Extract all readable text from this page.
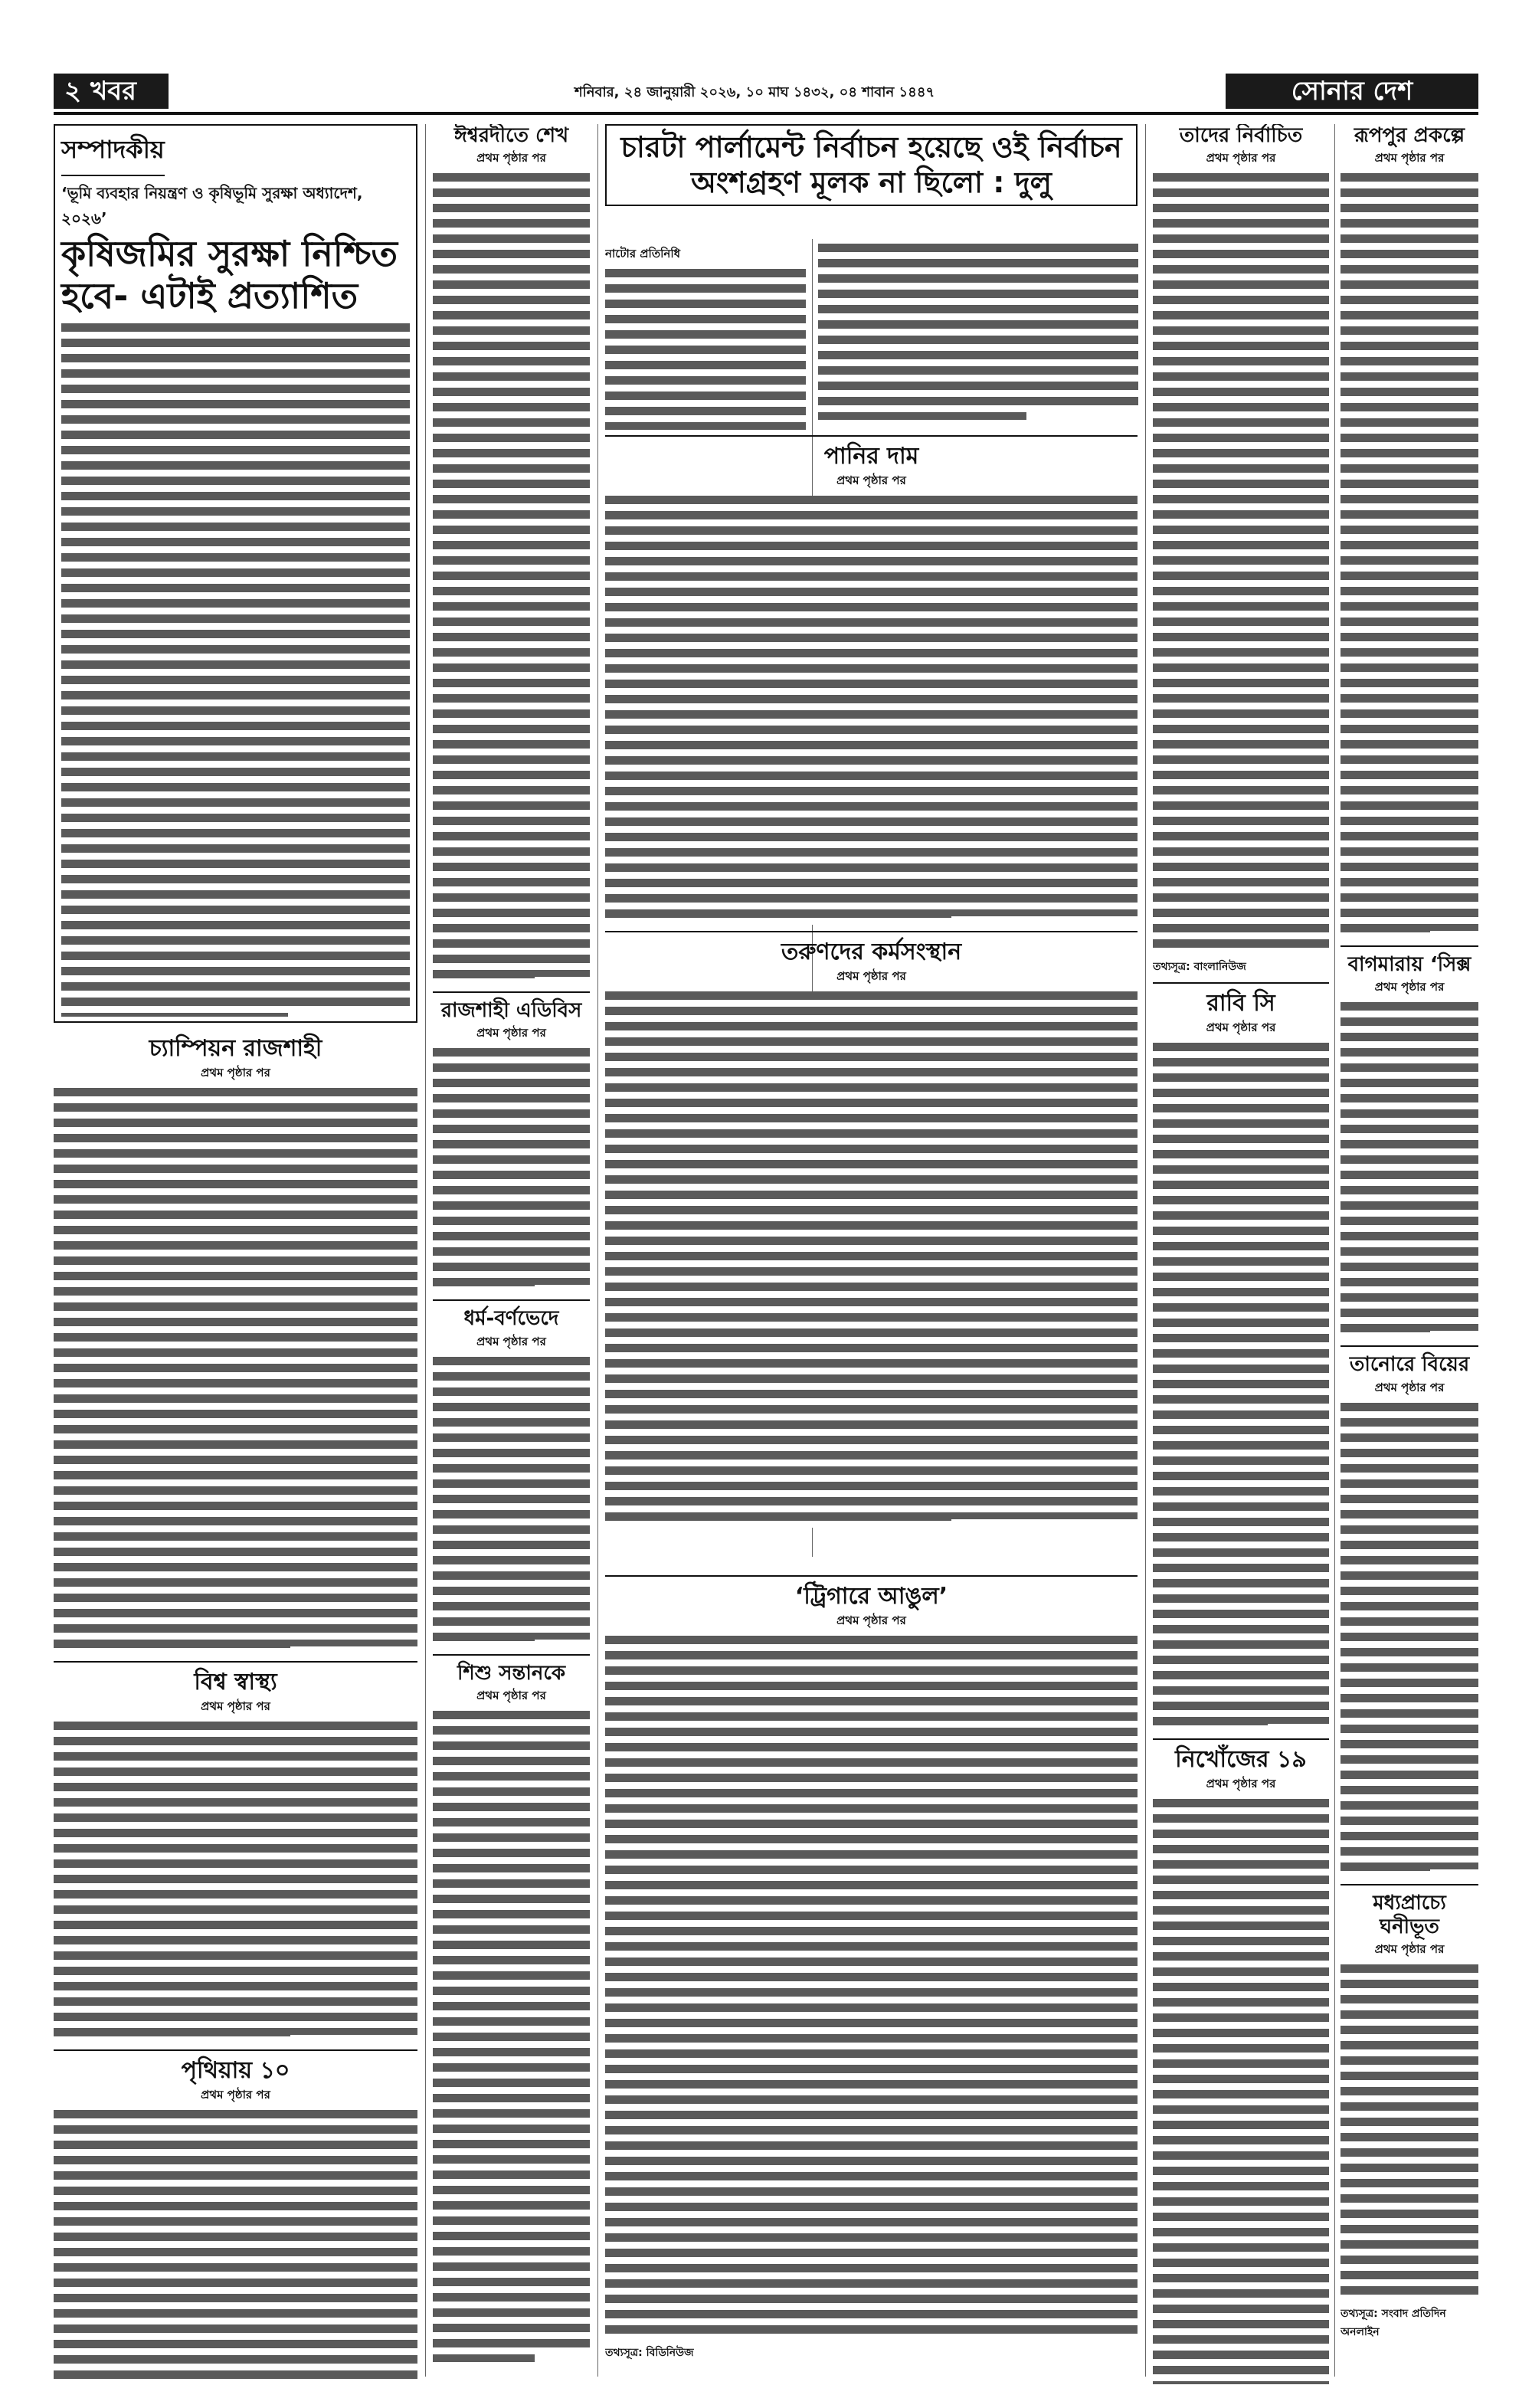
২ খবর	শনিবার, ২৪ জানুয়ারী ২০২৬, ১০ মাঘ ১৪৩২, ০৪ শাবান ১৪৪৭	সোনার দেশ
সম্পাদকীয়
‘ভূমি ব্যবহার নিয়ন্ত্রণ ও কৃষিভূমি সুরক্ষা অধ্যাদেশ, ২০২৬’
কৃষিজমির সুরক্ষা নিশ্চিত হবে- এটাই প্রত্যাশিত
চ্যাম্পিয়ন রাজশাহী
প্রথম পৃষ্ঠার পর
বিশ্ব স্বাস্থ্য
প্রথম পৃষ্ঠার পর
পৃথিয়ায় ১০
প্রথম পৃষ্ঠার পর
ঈশ্বরদীতে শেখ
প্রথম পৃষ্ঠার পর
রাজশাহী এডিবিস
প্রথম পৃষ্ঠার পর
ধর্ম-বর্ণভেদে
প্রথম পৃষ্ঠার পর
শিশু সন্তানকে
প্রথম পৃষ্ঠার পর
চারটা পার্লামেন্ট নির্বাচন হয়েছে ওই নির্বাচন অংশগ্রহণ মূলক না ছিলো : দুলু
নাটোর প্রতিনিধি
পানির দাম
প্রথম পৃষ্ঠার পর
তরুণদের কর্মসংস্থান
প্রথম পৃষ্ঠার পর
‘ট্রিগারে আঙুল’
প্রথম পৃষ্ঠার পর
তথ্যসূত্র: বিডিনিউজ
তাদের নির্বাচিত
প্রথম পৃষ্ঠার পর
তথ্যসূত্র: বাংলানিউজ
রাবি সি
প্রথম পৃষ্ঠার পর
নিখোঁজের ১৯
প্রথম পৃষ্ঠার পর
রূপপুর প্রকল্পে
প্রথম পৃষ্ঠার পর
বাগমারায় ‘সিক্স
প্রথম পৃষ্ঠার পর
তানোরে বিয়ের
প্রথম পৃষ্ঠার পর
মধ্যপ্রাচ্যে ঘনীভূত
প্রথম পৃষ্ঠার পর
তথ্যসূত্র: সংবাদ প্রতিদিন অনলাইন
